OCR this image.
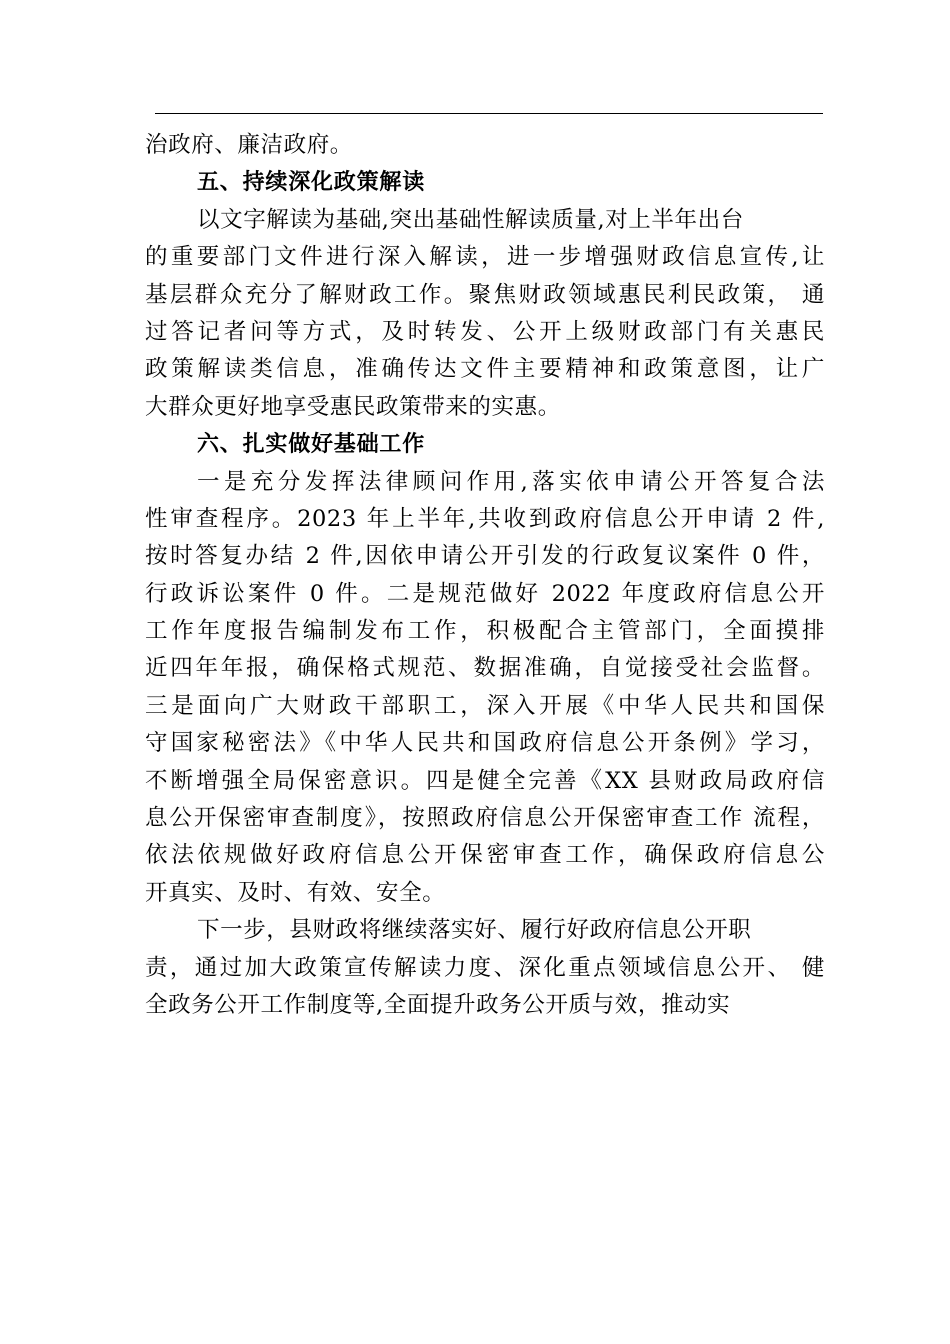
治政府、廉洁政府。
五、持续深化政策解读
以文字解读为基础,突出基础性解读质量,对上半年出台
的重要部门文件进行深入解读，进一步增强财政信息宣传,让
基层群众充分了解财政工作。聚焦财政领域惠民利民政策， 通
过答记者问等方式，及时转发、公开上级财政部门有关惠民
政策解读类信息，准确传达文件主要精神和政策意图，让广
大群众更好地享受惠民政策带来的实惠。
六、扎实做好基础工作
一是充分发挥法律顾问作用,落实依申请公开答复合法
性审查程序。2023 年上半年,共收到政府信息公开申请 2 件,
按时答复办结 2 件,因依申请公开引发的行政复议案件 0 件，
行政诉讼案件 0 件。二是规范做好 2022 年度政府信息公开
工作年度报告编制发布工作，积极配合主管部门，全面摸排
近四年年报，确保格式规范、数据准确，自觉接受社会监督。
三是面向广大财政干部职工，深入开展《中华人民共和国保
守国家秘密法》《中华人民共和国政府信息公开条例》学习，
不断增强全局保密意识。四是健全完善《XX 县财政局政府信
息公开保密审查制度》，按照政府信息公开保密审查工作 流程，
依法依规做好政府信息公开保密审查工作，确保政府信息公
开真实、及时、有效、安全。
下一步，县财政将继续落实好、履行好政府信息公开职
责，通过加大政策宣传解读力度、深化重点领域信息公开、 健
全政务公开工作制度等,全面提升政务公开质与效，推动实
